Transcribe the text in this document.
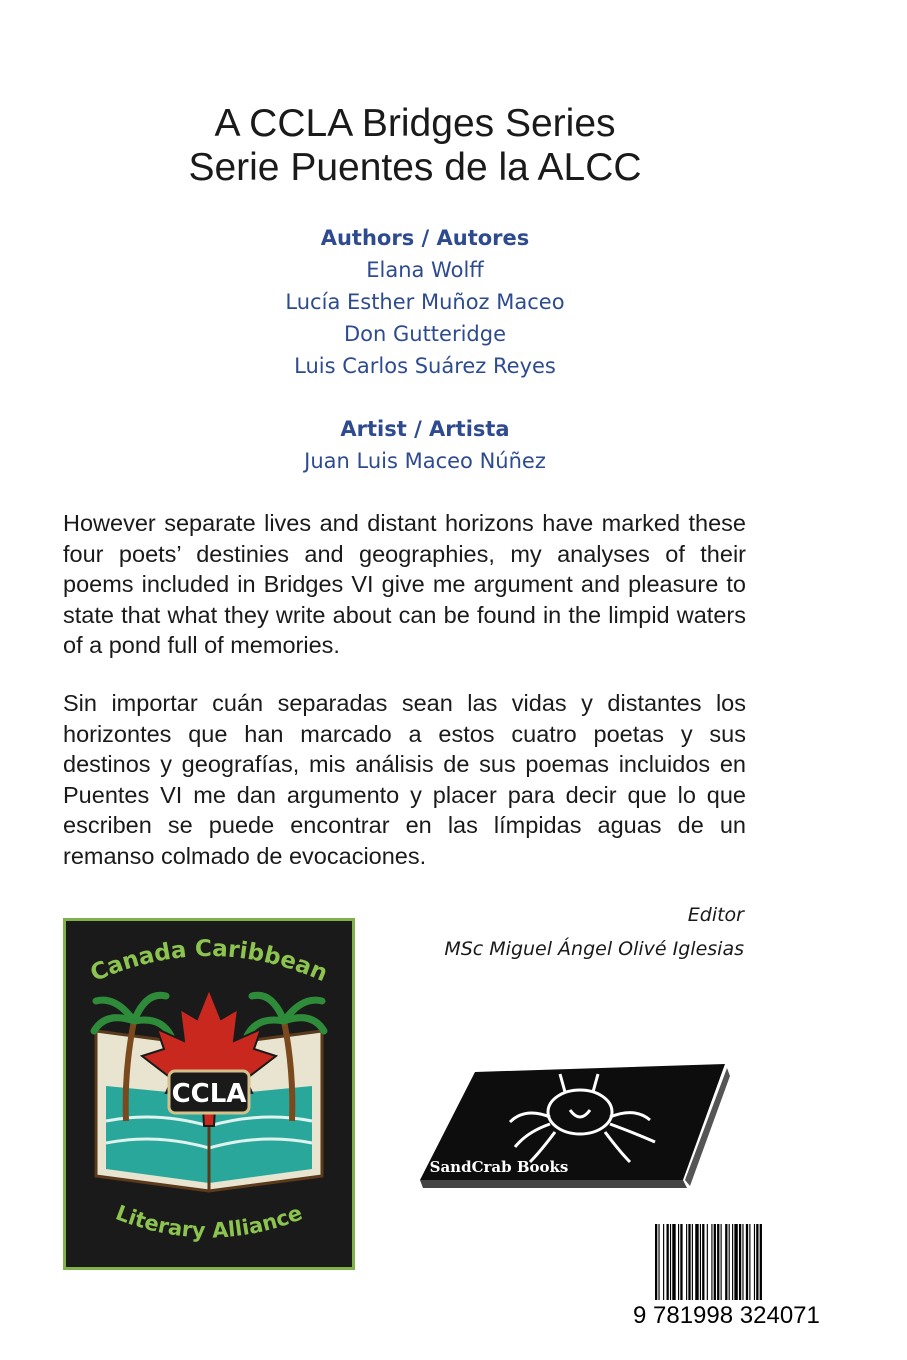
A CCLA Bridges Series
Serie Puentes de la ALCC
Authors / Autores
Elana Wolff
Lucía Esther Muñoz Maceo
Don Gutteridge
Luis Carlos Suárez Reyes
Artist / Artista
Juan Luis Maceo Núñez
However separate lives and distant horizons have marked these four poets’ destinies and geographies, my analyses of their poems included in Bridges VI give me argument and pleasure to state that what they write about can be found in the limpid waters of a pond full of memories.
Sin importar cuán separadas sean las vidas y distantes los horizontes que han marcado a estos cuatro poetas y sus destinos y geografías, mis análisis de sus poemas incluidos en Puentes VI me dan argumento y placer para decir que lo que escriben se puede encontrar en las límpidas aguas de un remanso colmado de evocaciones.
Editor
MSc Miguel Ángel Olivé Iglesias
Canada Caribbean
CCLA
Literary Alliance
SandCrab Books
9 781998 324071
